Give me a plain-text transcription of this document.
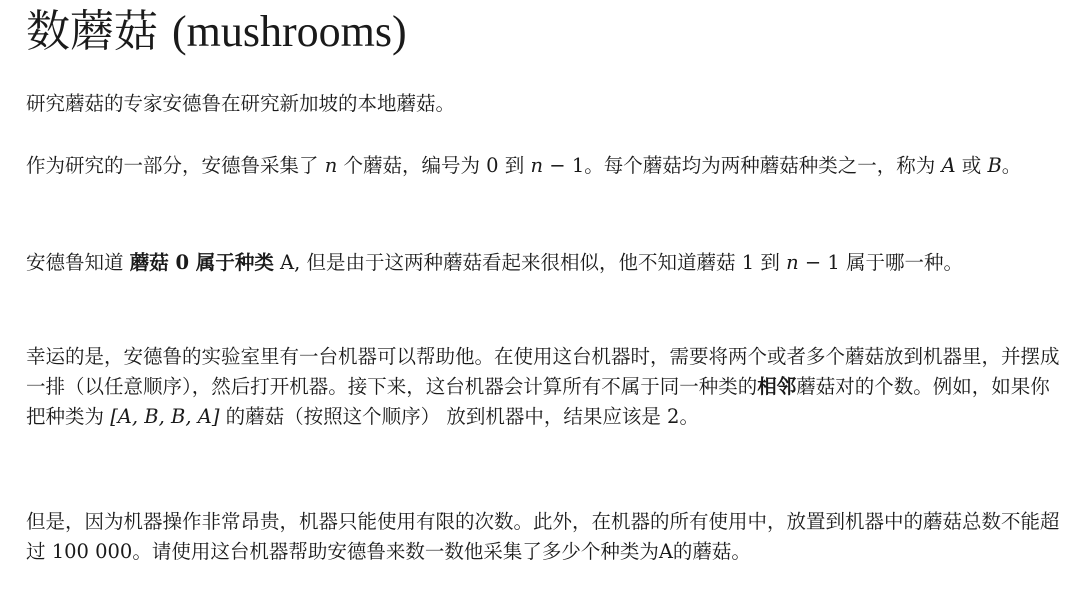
数蘑菇 (mushrooms)

研究蘑菇的专家安德鲁在研究新加坡的本地蘑菇。

作为研究的一部分，安德鲁采集了 n 个蘑菇，编号为 0 到 n − 1。每个蘑菇均为两种蘑菇种类之一，称为 A 或 B。

安德鲁知道 蘑菇 0 属于种类 A, 但是由于这两种蘑菇看起来很相似，他不知道蘑菇 1 到 n − 1 属于哪一种。

幸运的是，安德鲁的实验室里有一台机器可以帮助他。在使用这台机器时，需要将两个或者多个蘑菇放到机器里，并摆成一排（以任意顺序），然后打开机器。接下来，这台机器会计算所有不属于同一种类的相邻蘑菇对的个数。例如，如果你把种类为 [A, B, B, A] 的蘑菇（按照这个顺序） 放到机器中，结果应该是 2。

但是，因为机器操作非常昂贵，机器只能使用有限的次数。此外，在机器的所有使用中，放置到机器中的蘑菇总数不能超过 100 000。请使用这台机器帮助安德鲁来数一数他采集了多少个种类为A的蘑菇。
